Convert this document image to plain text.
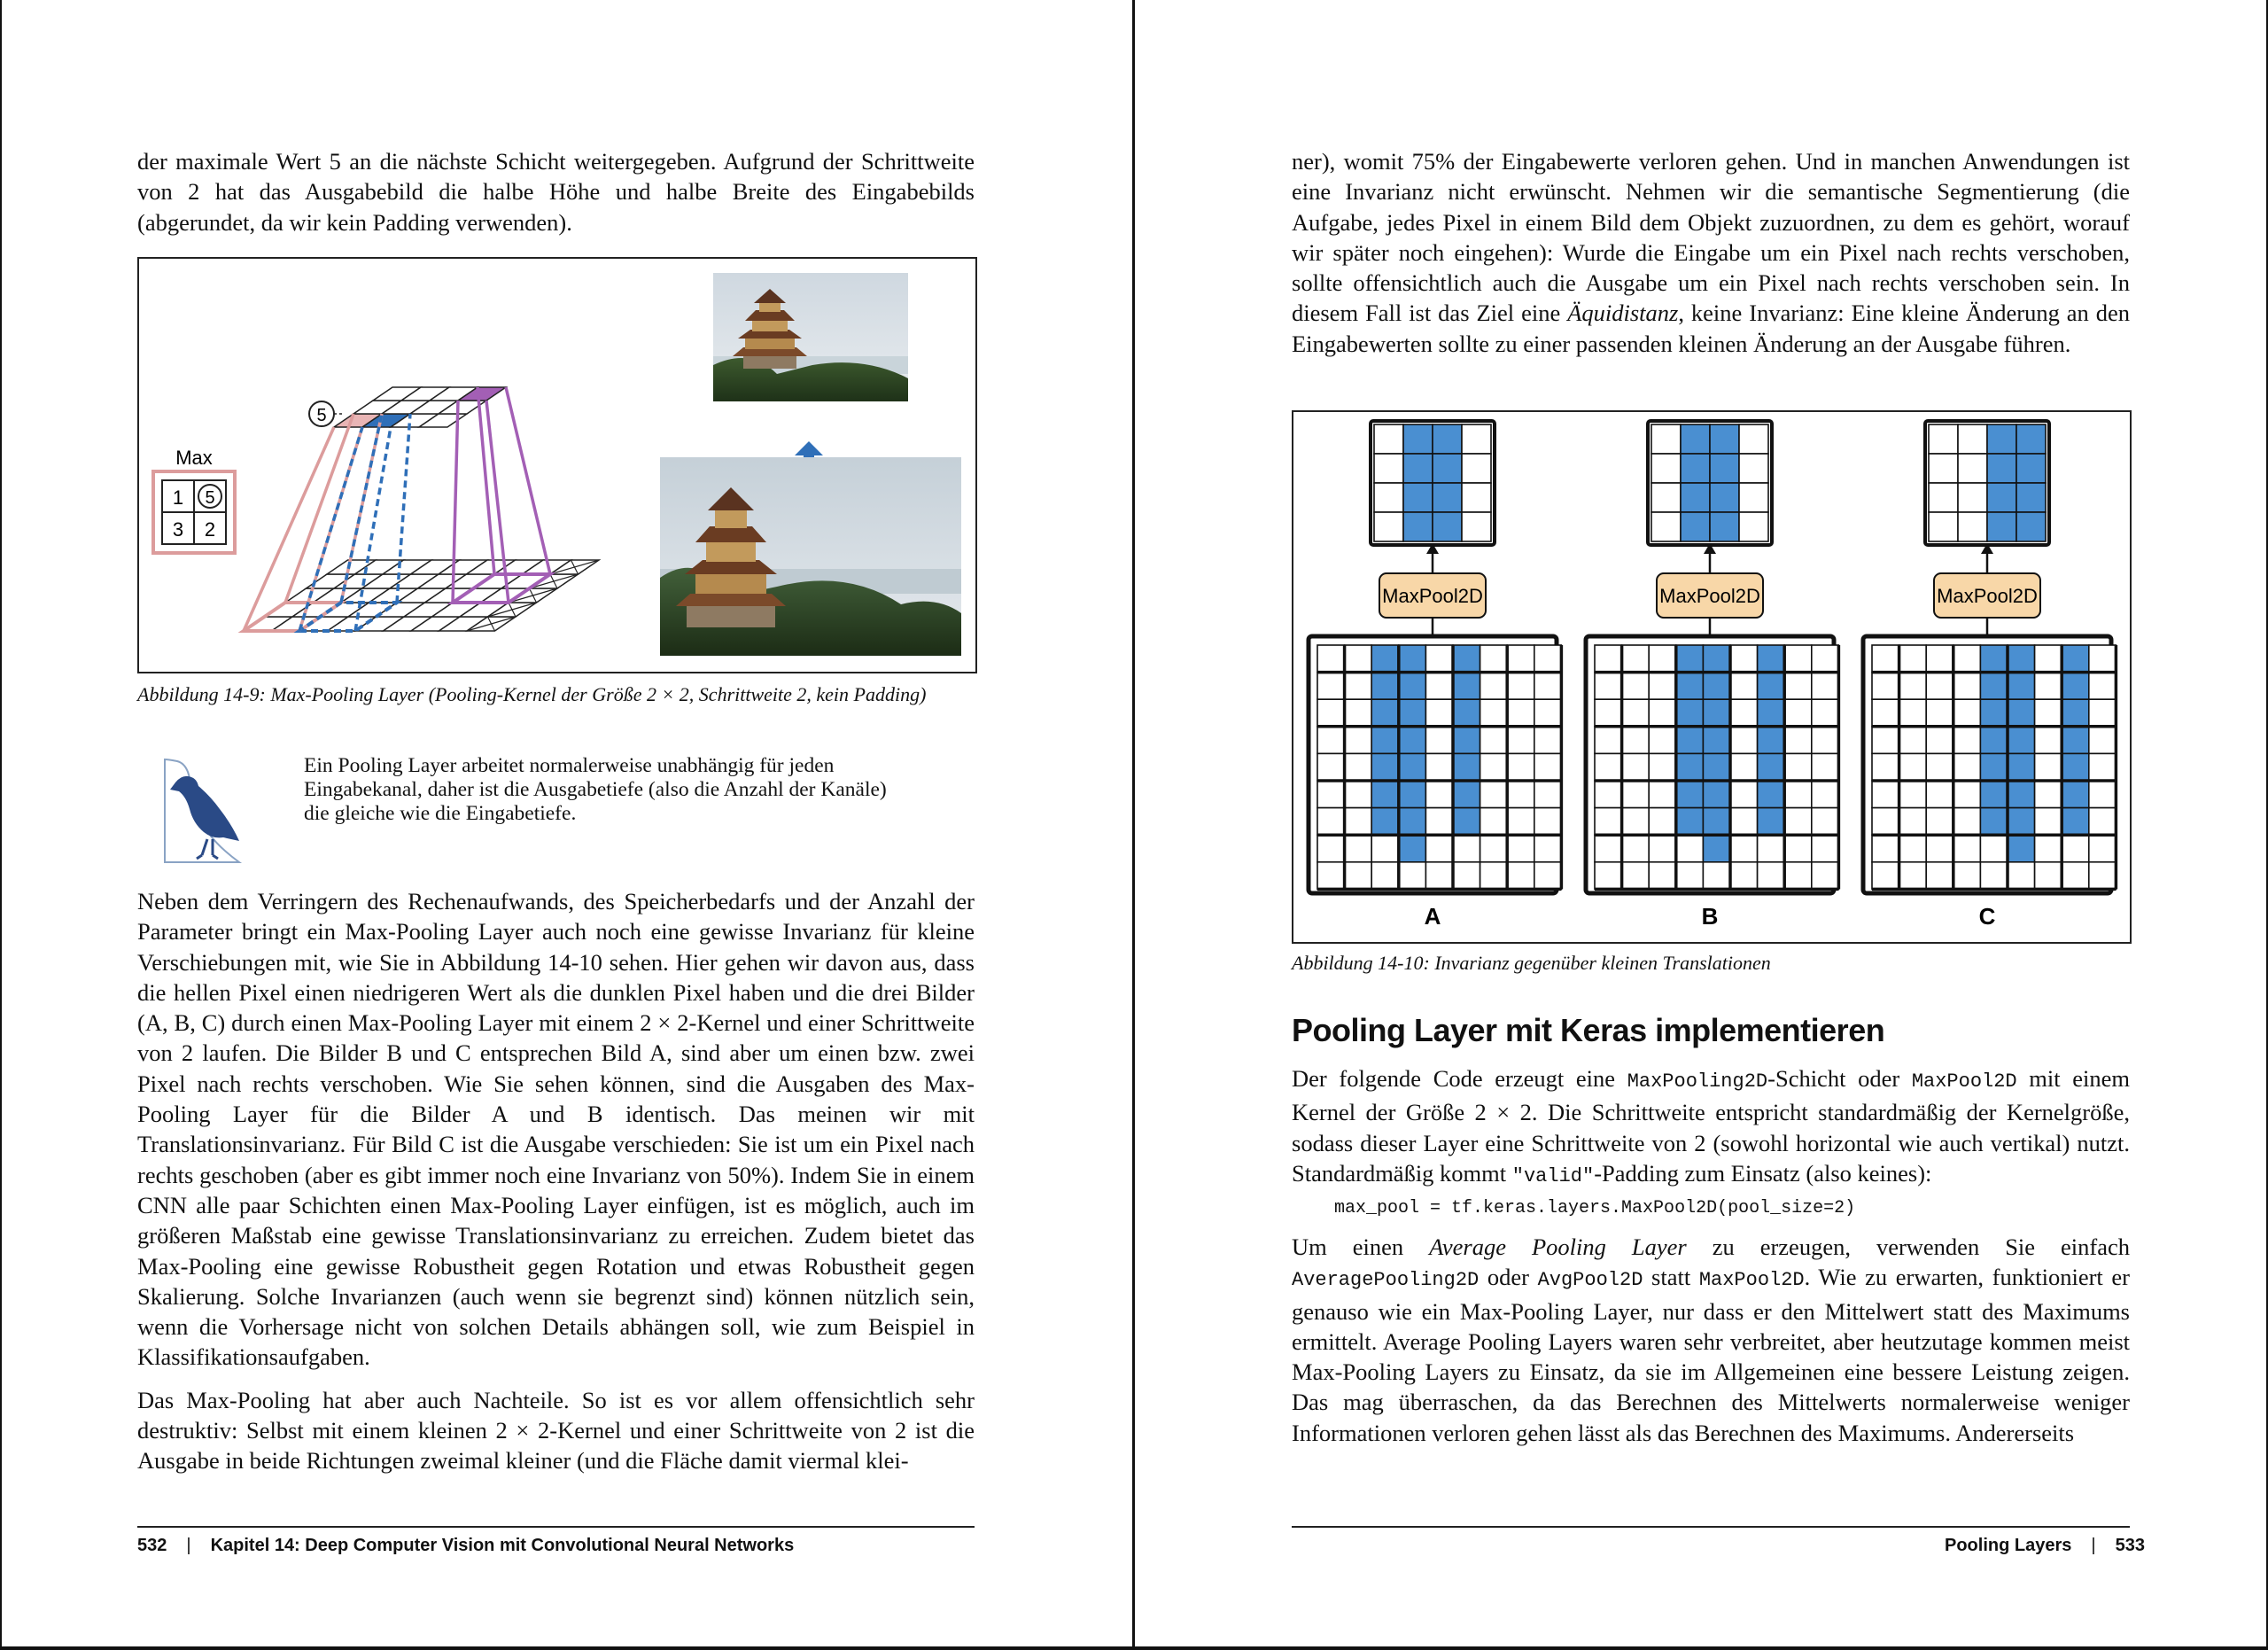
der maximale Wert 5 an die nächste Schicht weitergegeben. Aufgrund der Schrittweite von 2 hat das Ausgabebild die halbe Höhe und halbe Breite des Eingabebilds (abgerundet, da wir kein Padding verwenden).

1 5
3 2
Max
5

Abbildung 14-9: Max-Pooling Layer (Pooling-Kernel der Größe 2 × 2, Schrittweite 2, kein Padding)

Ein Pooling Layer arbeitet normalerweise unabhängig für jeden Eingabekanal, daher ist die Ausgabetiefe (also die Anzahl der Kanäle) die gleiche wie die Eingabetiefe.

Neben dem Verringern des Rechenaufwands, des Speicherbedarfs und der Anzahl der Parameter bringt ein Max-Pooling Layer auch noch eine gewisse Invarianz für kleine Verschiebungen mit, wie Sie in Abbildung 14-10 sehen. Hier gehen wir davon aus, dass die hellen Pixel einen niedrigeren Wert als die dunklen Pixel haben und die drei Bilder (A, B, C) durch einen Max-Pooling Layer mit einem 2 × 2-Kernel und einer Schrittweite von 2 laufen. Die Bilder B und C entsprechen Bild A, sind aber um einen bzw. zwei Pixel nach rechts verschoben. Wie Sie sehen können, sind die Ausgaben des Max-Pooling Layer für die Bilder A und B identisch. Das meinen wir mit Translationsinvarianz. Für Bild C ist die Ausgabe verschieden: Sie ist um ein Pixel nach rechts geschoben (aber es gibt immer noch eine Invarianz von 50%). Indem Sie in einem CNN alle paar Schichten einen Max-Pooling Layer einfügen, ist es möglich, auch im größeren Maßstab eine gewisse Translationsinvarianz zu erreichen. Zudem bietet das Max-Pooling eine gewisse Robustheit gegen Rotation und etwas Robustheit gegen Skalierung. Solche Invarianzen (auch wenn sie begrenzt sind) können nützlich sein, wenn die Vorhersage nicht von solchen Details abhängen soll, wie zum Beispiel in Klassifikationsaufgaben.

Das Max-Pooling hat aber auch Nachteile. So ist es vor allem offensichtlich sehr destruktiv: Selbst mit einem kleinen 2 × 2-Kernel und einer Schrittweite von 2 ist die Ausgabe in beide Richtungen zweimal kleiner (und die Fläche damit viermal klei-

532 | Kapitel 14: Deep Computer Vision mit Convolutional Neural Networks

ner), womit 75% der Eingabewerte verloren gehen. Und in manchen Anwendungen ist eine Invarianz nicht erwünscht. Nehmen wir die semantische Segmentierung (die Aufgabe, jedes Pixel in einem Bild dem Objekt zuzuordnen, zu dem es gehört, worauf wir später noch eingehen): Wurde die Eingabe um ein Pixel nach rechts verschoben, sollte offensichtlich auch die Ausgabe um ein Pixel nach rechts verschoben sein. In diesem Fall ist das Ziel eine Äquidistanz, keine Invarianz: Eine kleine Änderung an den Eingabewerten sollte zu einer passenden kleinen Änderung an der Ausgabe führen.

A
MaxPool2D
B
MaxPool2D
C
MaxPool2D

Abbildung 14-10: Invarianz gegenüber kleinen Translationen

Pooling Layer mit Keras implementieren

Der folgende Code erzeugt eine MaxPooling2D-Schicht oder MaxPool2D mit einem Kernel der Größe 2 × 2. Die Schrittweite entspricht standardmäßig der Kernelgröße, sodass dieser Layer eine Schrittweite von 2 (sowohl horizontal wie auch vertikal) nutzt. Standardmäßig kommt "valid"-Padding zum Einsatz (also keines):

max_pool = tf.keras.layers.MaxPool2D(pool_size=2)

Um einen Average Pooling Layer zu erzeugen, verwenden Sie einfach AveragePooling2D oder AvgPool2D statt MaxPool2D. Wie zu erwarten, funktioniert er genauso wie ein Max-Pooling Layer, nur dass er den Mittelwert statt des Maximums ermittelt. Average Pooling Layers waren sehr verbreitet, aber heutzutage kommen meist Max-Pooling Layers zu Einsatz, da sie im Allgemeinen eine bessere Leistung zeigen. Das mag überraschen, da das Berechnen des Mittelwerts normalerweise weniger Informationen verloren gehen lässt als das Berechnen des Maximums. Andererseits

Pooling Layers | 533
